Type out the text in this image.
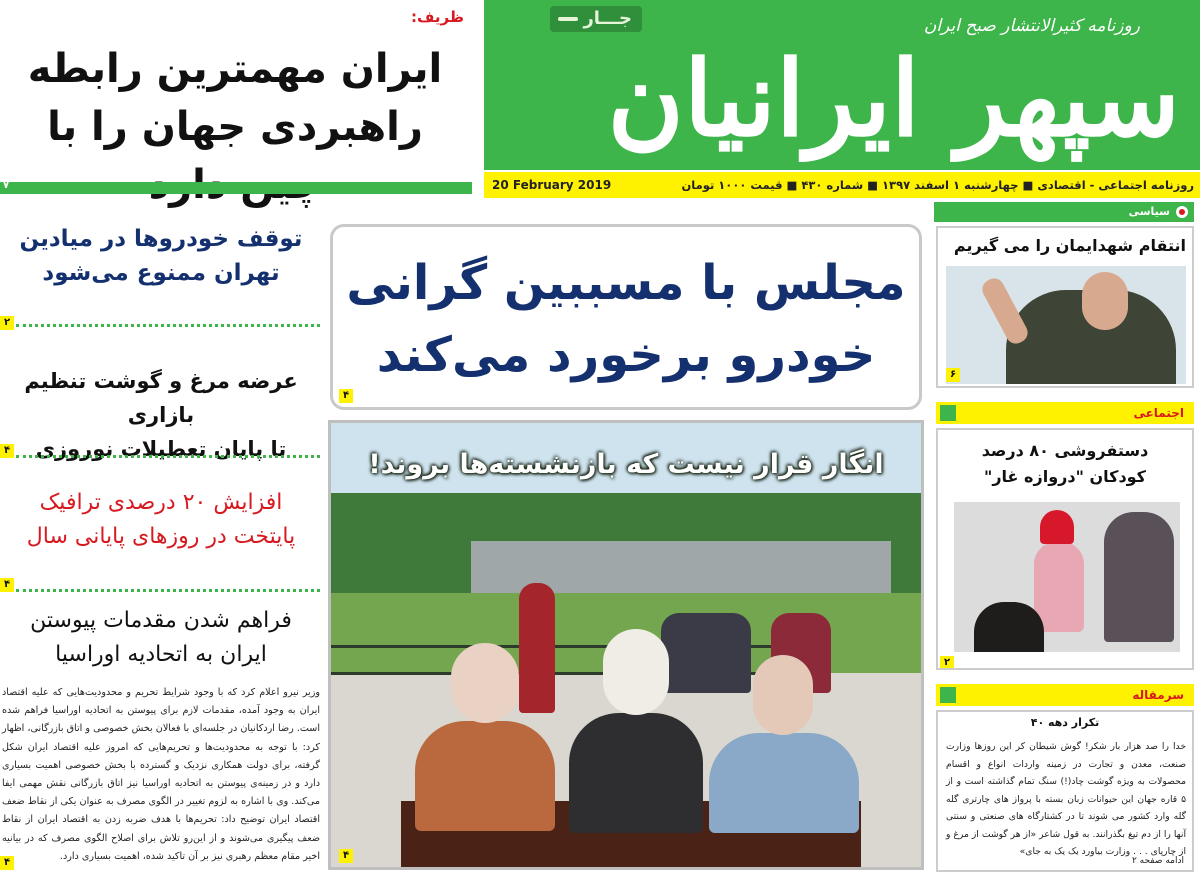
جـــار	روزنامه کثیرالانتشار صبح ایران
سپهر ایرانیان
روزنامه اجتماعی - اقتصادی ■ چهارشنبه ۱ اسفند ۱۳۹۷ ■ شماره ۴۳۰ ■ قیمت ۱۰۰۰ تومان
20 February 2019
ظریف:
ایران مهمترین رابطه
راهبردی جهان را با
۷
توقف خودروها در میادین
تهران ممنوع می‌شود
۲
عرضه مرغ و گوشت تنظیم بازاری
تا پایان تعطیلات نوروزی
۴
افزایش ۲۰ درصدی ترافیک
پایتخت در روزهای پایانی سال
۴
فراهم شدن مقدمات پیوستن
ایران به اتحادیه اوراسیا
وزیر نیرو اعلام کرد که با وجود شرایط تحریم و محدودیت‌هایی که علیه اقتصاد ایران به وجود آمده، مقدمات لازم برای پیوستن به اتحادیه اوراسیا فراهم شده است. رضا اردکانیان در جلسه‌ای با فعالان بخش خصوصی و اتاق بازرگانی، اظهار کرد: با توجه به محدودیت‌ها و تحریم‌هایی که امروز علیه اقتصاد ایران شکل گرفته، برای دولت همکاری نزدیک و گسترده با بخش خصوصی اهمیت بسیاری دارد و در زمینه‌ی پیوستن به اتحادیه اوراسیا نیز اتاق بازرگانی نقش مهمی ایفا می‌کند. وی با اشاره به لزوم تغییر در الگوی مصرف به عنوان یکی از نقاط ضعف اقتصاد ایران توضیح داد: تحریم‌ها با هدف ضربه زدن به اقتصاد ایران از نقاط ضعف پیگیری می‌شوند و از این‌رو تلاش برای اصلاح الگوی مصرف که در بیانیه اخیر مقام معظم رهبری نیز بر آن تاکید شده، اهمیت بسیاری دارد.
۴
مجلس با مسببین گرانی
خودرو برخورد می‌کند
۴
انگار قرار نیست که بازنشسته‌ها بروند!
۴
سیاسی
انتقام شهدایمان را می گیریم
۶
اجتماعی
دستفروشی ۸۰ درصد
کودکان "دروازه غار"
۲
سرمقاله
تکرار دهه ۴۰
خدا را صد هزار بار شکر! گوش شیطان کر این روزها وزارت صنعت، معدن و تجارت در زمینه واردات انواع و اقسام محصولات به ویژه گوشت چاد(!) سنگ تمام گذاشته است و از ۵ قاره جهان این حیوانات زبان بسته با پرواز های چارتری گله گله وارد کشور می شوند تا در کشتارگاه های صنعتی و سنتی آنها را از دم تیغ بگذرانند. به قول شاعر «از هر گوشت از مرغ و از چارپای . . . وزارت بیاورد یک یک به جای»
ادامه صفحه ۲
